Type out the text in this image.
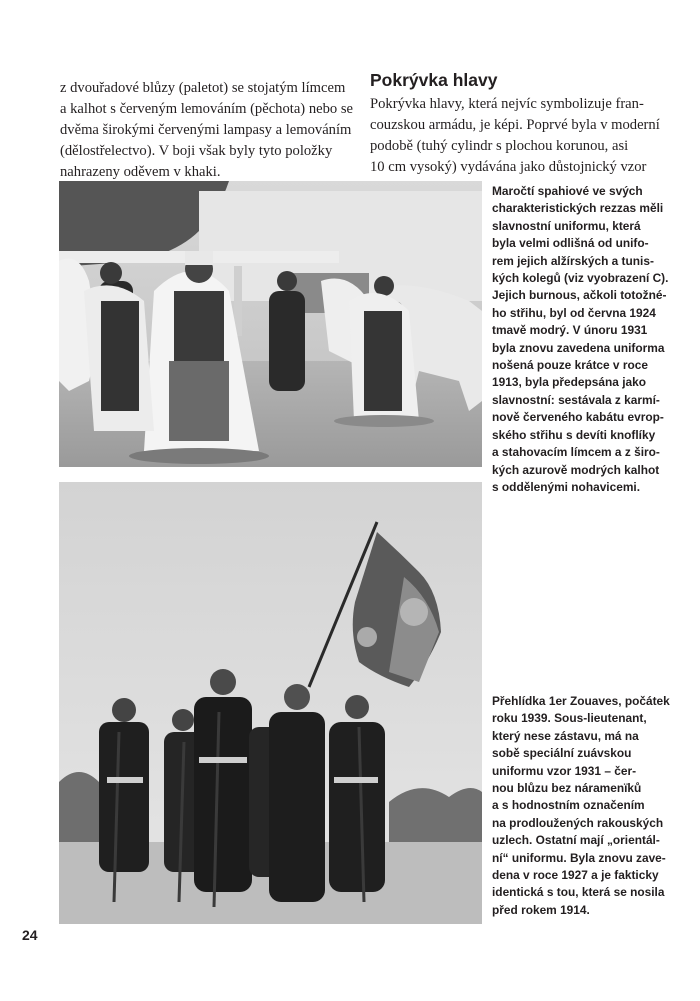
z dvouřadové blůzy (paletot) se stojatým límcem
a kalhot s červeným lemováním (pěchota) nebo se
dvěma širokými červenými lampasy a lemováním
(dělostřelectvo). V boji však byly tyto položky
nahrazeny oděvem v khaki.

Pokrývka hlavy

Pokrývka hlavy, která nejvíc symbolizuje fran-
couzskou armádu, je képi. Poprvé byla v moderní
podobě (tuhý cylindr s plochou korunou, asi
10 cm vysoký) vydávána jako důstojnický vzor

Maročtí spahiové ve svých
charakteristických rezzas měli
slavnostní uniformu, která
byla velmi odlišná od unifo-
rem jejich alžírských a tunis-
kých kolegů (viz vyobrazení C).
Jejich burnous, ačkoli totožné-
ho střihu, byl od června 1924
tmavě modrý. V únoru 1931
byla znovu zavedena uniforma
nošená pouze krátce v roce
1913, byla předepsána jako
slavnostní: sestávala z karmí-
nově červeného kabátu evrop-
ského střihu s devíti knoflíky
a stahovacím límcem a z širo-
kých azurově modrých kalhot
s oddělenými nohavicemi.

Přehlídka 1er Zouaves, počátek
roku 1939. Sous-lieutenant,
který nese zástavu, má na
sobě speciální zuávskou
uniformu vzor 1931 – čer-
nou blůzu bez náramenïků
a s hodnostním označením
na prodloužených rakouských
uzlech. Ostatní mají „orientál-
ní“ uniformu. Byla znovu zave-
dena v roce 1927 a je fakticky
identická s tou, která se nosila
před rokem 1914.

24
